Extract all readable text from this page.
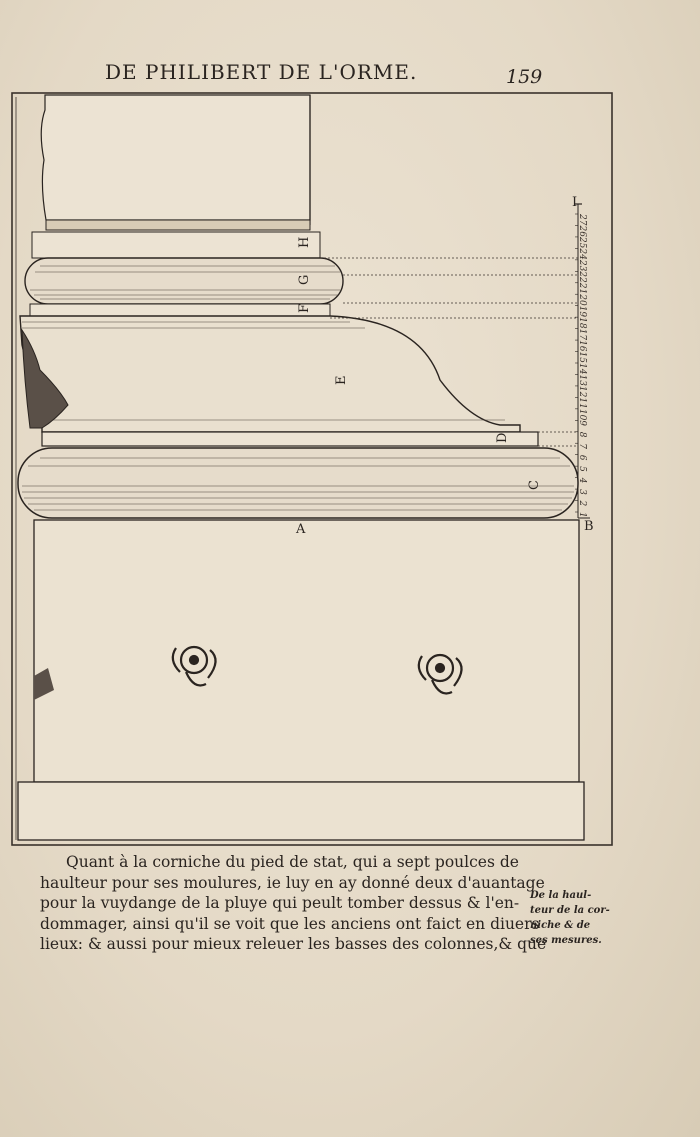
DE PHILIBERT DE L'ORME.	159
1
2
3
4
5
6
7
8
9
10
11
12
13
14
15
16
17
18
19
20
21
22
23
24
25
26
27
H
G
F
E
D
C
A	B
I

Quant à la corniche du pied de stat, qui a sept poulces de

haulteur pour ses moulures, ie luy en ay donné deux d'auantage

pour la vuydange de la pluye qui peult tomber dessus & l'en-

dommager, ainsi qu'il se voit que les anciens ont faict en diuers

lieux: & aussi pour mieux releuer les basses des colonnes,& que

De la haul-

teur de la cor-

niche & de

ses mesures.
